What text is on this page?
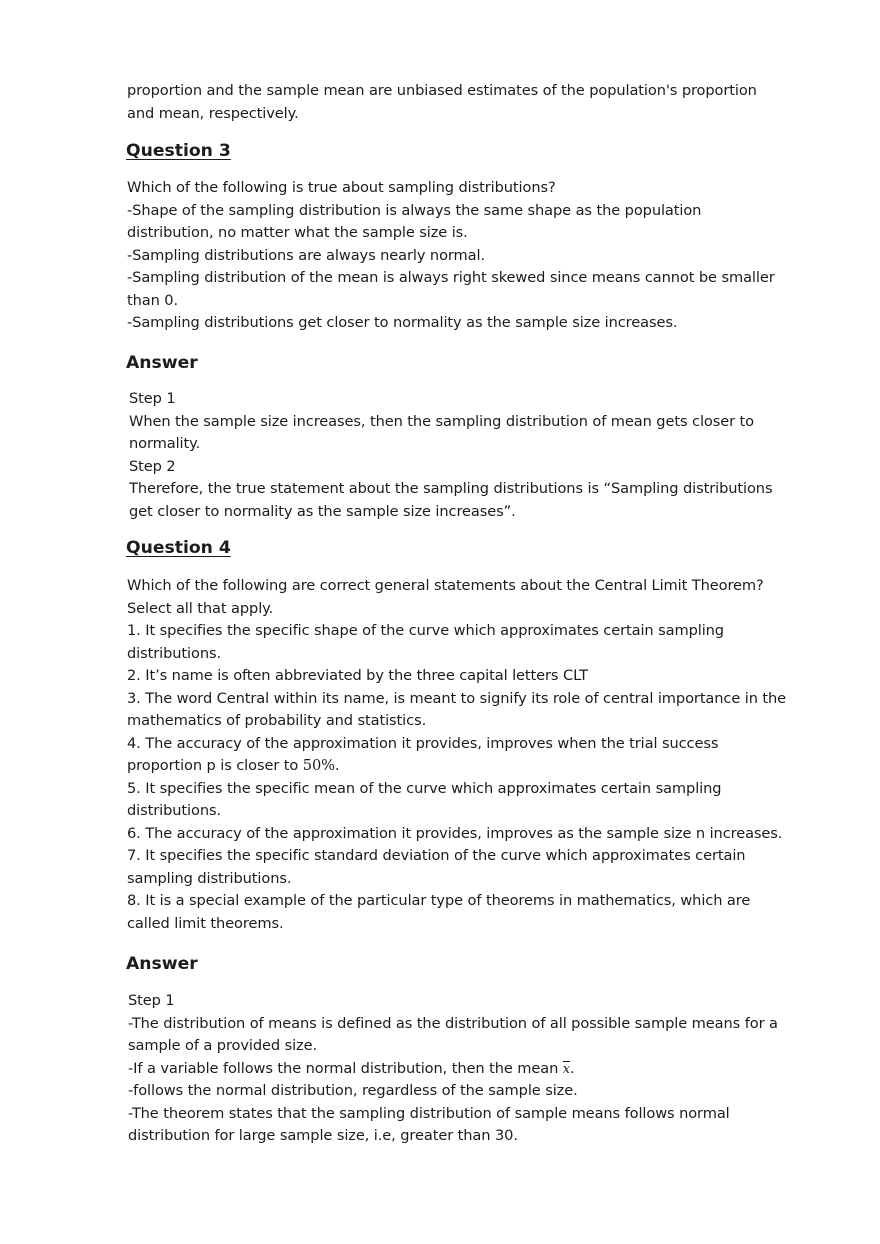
proportion and the sample mean are unbiased estimates of the population's proportion
and mean, respectively.
Question 3
Which of the following is true about sampling distributions?
-Shape of the sampling distribution is always the same shape as the population
distribution, no matter what the sample size is.
-Sampling distributions are always nearly normal.
-Sampling distribution of the mean is always right skewed since means cannot be smaller
than 0.
-Sampling distributions get closer to normality as the sample size increases.
Answer
Step 1
When the sample size increases, then the sampling distribution of mean gets closer to
normality.
Step 2
Therefore, the true statement about the sampling distributions is “Sampling distributions
get closer to normality as the sample size increases”.
Question 4
Which of the following are correct general statements about the Central Limit Theorem?
Select all that apply.
1. It specifies the specific shape of the curve which approximates certain sampling
distributions.
2. It’s name is often abbreviated by the three capital letters CLT
3. The word Central within its name, is meant to signify its role of central importance in the
mathematics of probability and statistics.
4. The accuracy of the approximation it provides, improves when the trial success
proportion p is closer to 50%.
5. It specifies the specific mean of the curve which approximates certain sampling
distributions.
6. The accuracy of the approximation it provides, improves as the sample size n increases.
7. It specifies the specific standard deviation of the curve which approximates certain
sampling distributions.
8. It is a special example of the particular type of theorems in mathematics, which are
called limit theorems.
Answer
Step 1
-The distribution of means is defined as the distribution of all possible sample means for a
sample of a provided size.
-If a variable follows the normal distribution, then the mean $\overline{x}$.
-follows the normal distribution, regardless of the sample size.
-The theorem states that the sampling distribution of sample means follows normal
distribution for large sample size, i.e, greater than 30.
